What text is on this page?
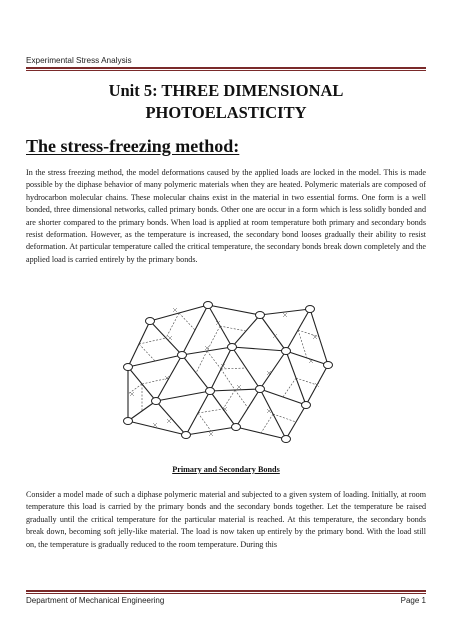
Experimental Stress Analysis
Unit 5: THREE DIMENSIONAL
PHOTOELASTICITY
The stress-freezing method:

In the stress freezing method, the model deformations caused by the applied loads are locked in the model. This is made possible by the diphase behavior of many polymeric materials when they are heated. Polymeric materials are composed of hydrocarbon molecular chains. These molecular chains exist in the material in two essential forms. One form is a well bonded, three dimensional networks, called primary bonds. Other one are occur in a form which is less solidly bonded and are shorter compared to the primary bonds. When load is applied at room temperature both primary and secondary bonds resist deformation. However, as the temperature is increased, the secondary bond looses gradually their ability to resist deformation. At particular temperature called the critical temperature, the secondary bonds break down completely and the applied load is carried entirely by the primary bonds.

Primary and Secondary Bonds

Consider a model made of such a diphase polymeric material and subjected to a given system of loading. Initially, at room temperature this load is carried by the primary bonds and the secondary bonds together. Let the temperature be raised gradually until the critical temperature for the particular material is reached. At this temperature, the secondary bonds break down, becoming soft jelly-like material. The load is now taken up entirely by the primary bond. With the load still on, the temperature is gradually reduced to the room temperature. During this

Department of Mechanical Engineering	Page 1
